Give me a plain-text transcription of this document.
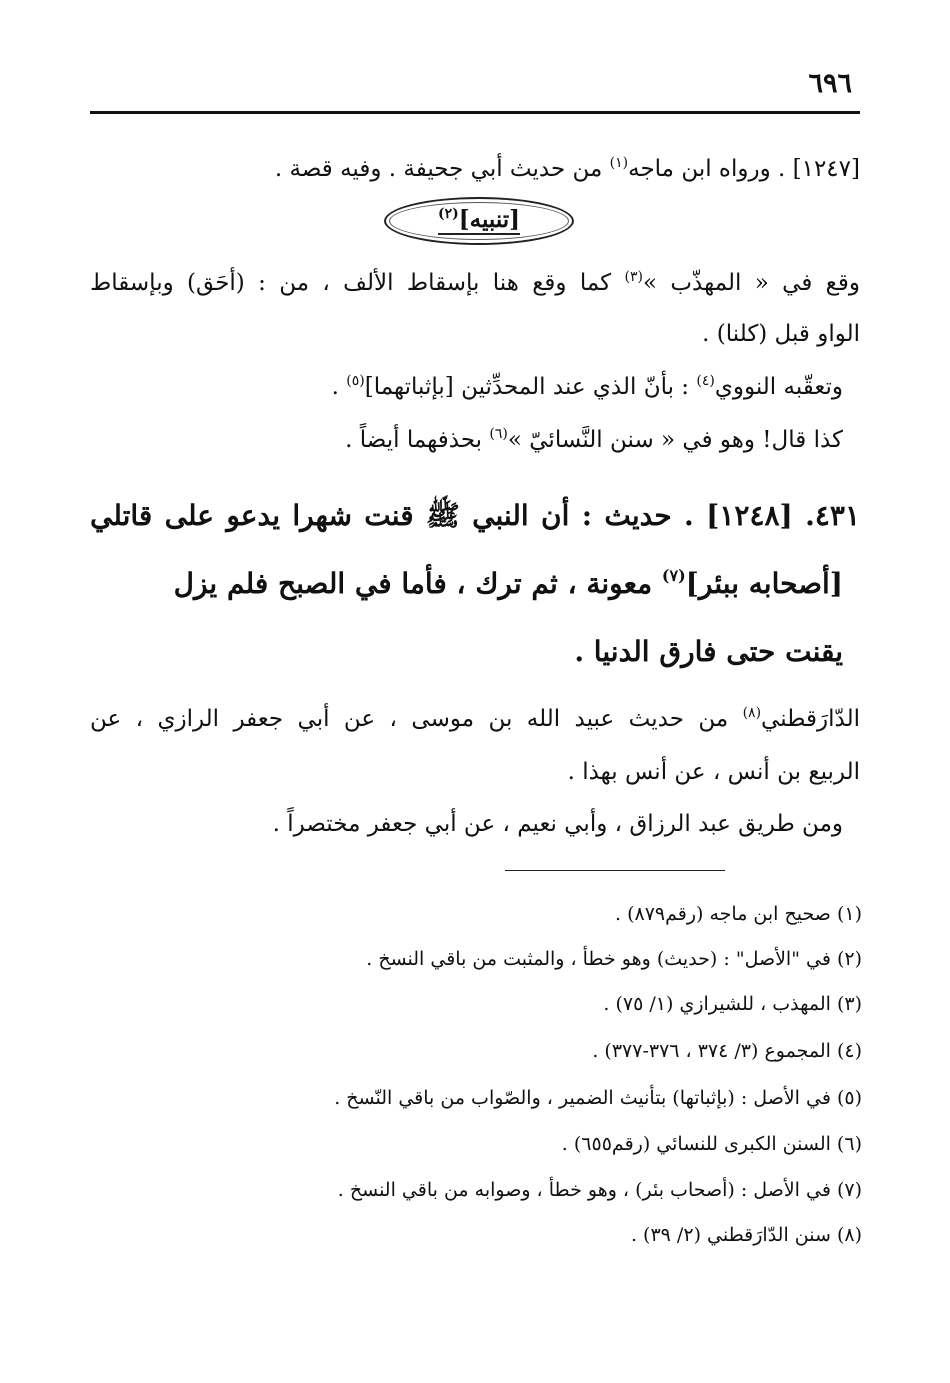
٦٩٦
[١٢٤٧] . ورواه ابن ماجه$^{(١)}$ من حديث أبي جحيفة . وفيه قصة .
[تنبيه]$^{(٢)}$
وقع في « المهذّب »$^{(٣)}$ كما وقع هنا بإسقاط الألف ، من : (أحَق) وبإسقاط
الواو قبل (كلنا) .
وتعقّبه النووي$^{(٤)}$ : بأنّ الذي عند المحدِّثين [بإثباتهما]$^{(٥)}$ .
كذا قال! وهو في « سنن النَّسائيّ »$^{(٦)}$ بحذفهما أيضاً .
٤٣١. [١٢٤٨] . حديث : أن النبي ﷺ قنت شهرا يدعو على قاتلي
[أصحابه ببئر]$^{(٧)}$ معونة ، ثم ترك ، فأما في الصبح فلم يزل
يقنت حتى فارق الدنيا .
الدّارَقطني$^{(٨)}$ من حديث عبيد الله بن موسى ، عن أبي جعفر الرازي ، عن
الربيع بن أنس ، عن أنس بهذا .
ومن طريق عبد الرزاق ، وأبي نعيم ، عن أبي جعفر مختصراً .
(١) صحيح ابن ماجه (رقم٨٧٩) .
(٢) في "الأصل" : (حديث) وهو خطأ ، والمثبت من باقي النسخ .
(٣) المهذب ، للشيرازي (١/ ٧٥) .
(٤) المجموع (٣/ ٣٧٤ ، ٣٧٦-٣٧٧) .
(٥) في الأصل : (بإثباتها) بتأنيث الضمير ، والصّواب من باقي النّسخ .
(٦) السنن الكبرى للنسائي (رقم٦٥٥) .
(٧) في الأصل : (أصحاب بئر) ، وهو خطأ ، وصوابه من باقي النسخ .
(٨) سنن الدّارَقطني (٢/ ٣٩) .
